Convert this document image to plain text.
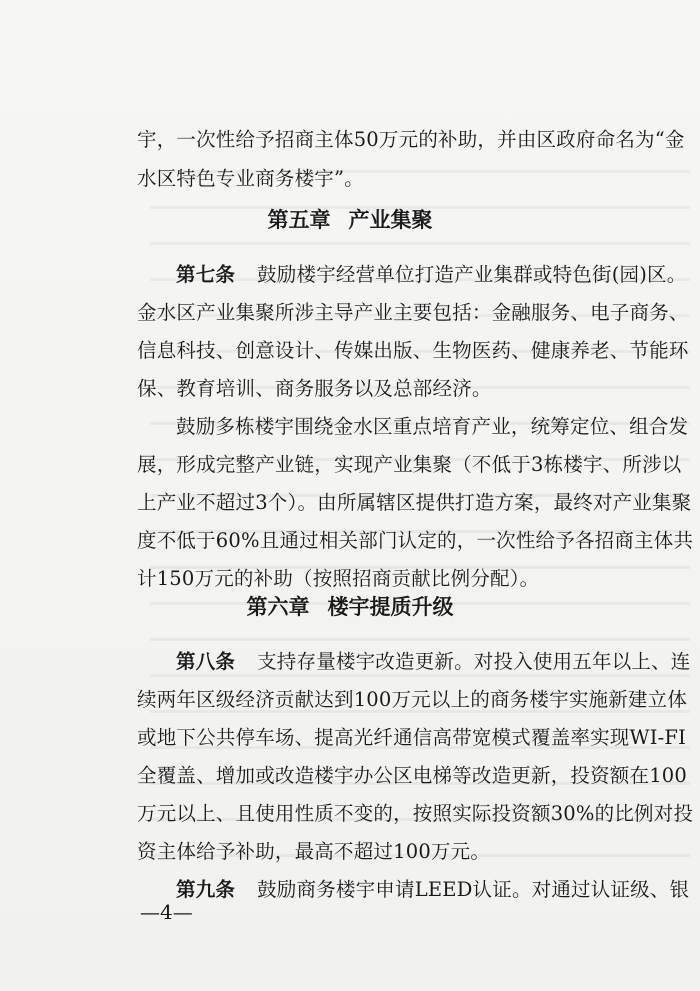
宇，一次性给予招商主体50万元的补助，并由区政府命名为“金
水区特色专业商务楼宇”。
第五章 产业集聚
第七条 鼓励楼宇经营单位打造产业集群或特色街(园)区。
金水区产业集聚所涉主导产业主要包括：金融服务、电子商务、
信息科技、创意设计、传媒出版、生物医药、健康养老、节能环
保、教育培训、商务服务以及总部经济。
鼓励多栋楼宇围绕金水区重点培育产业，统筹定位、组合发
展，形成完整产业链，实现产业集聚（不低于3栋楼宇、所涉以
上产业不超过3个）。由所属辖区提供打造方案，最终对产业集聚
度不低于60%且通过相关部门认定的，一次性给予各招商主体共
计150万元的补助（按照招商贡献比例分配）。
第六章 楼宇提质升级
第八条 支持存量楼宇改造更新。对投入使用五年以上、连
续两年区级经济贡献达到100万元以上的商务楼宇实施新建立体
或地下公共停车场、提高光纤通信高带宽模式覆盖率实现WI-FI
全覆盖、增加或改造楼宇办公区电梯等改造更新，投资额在100
万元以上、且使用性质不变的，按照实际投资额30%的比例对投
资主体给予补助，最高不超过100万元。
第九条 鼓励商务楼宇申请LEED认证。对通过认证级、银
—4—
